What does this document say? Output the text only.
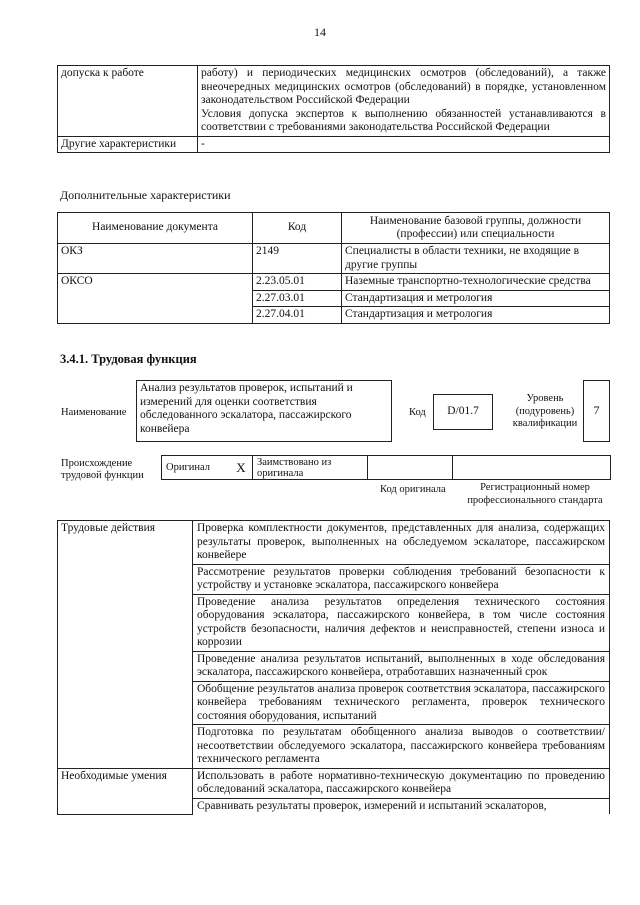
14
допуска к работе	работу) и периодических медицинских осмотров (обследований), а также внеочередных медицинских осмотров (обследований) в порядке, установленном законодательством Российской Федерации
Условия допуска экспертов к выполнению обязанностей устанавливаются в соответствии с требованиями законодательства Российской Федерации

Другие характеристики	-
Дополнительные характеристики
Наименование документа	Код	Наименование базовой группы, должности (профессии) или специальности
ОКЗ	2149	Специалисты в области техники, не входящие в другие группы
ОКСО	2.23.05.01	Наземные транспортно-технологические средства
	2.27.03.01	Стандартизация и метрология
	2.27.04.01	Стандартизация и метрология
3.4.1. Трудовая функция
Наименование
Анализ результатов проверок, испытаний и измерений для оценки соответствия обследованного эскалатора, пассажирского конвейера
Код D/01.7
Уровень (подуровень) квалификации
7
Происхождение трудовой функции
Оригинал	X	Заимствовано из оригинала		
Код оригинала	Регистрационный номер профессионального стандарта
Трудовые действия	Проверка комплектности документов, представленных для анализа, содержащих результаты проверок, выполненных на обследуемом эскалаторе, пассажирском конвейере
	Рассмотрение результатов проверки соблюдения требований безопасности к устройству и установке эскалатора, пассажирского конвейера
	Проведение анализа результатов определения технического состояния оборудования эскалатора, пассажирского конвейера, в том числе состояния устройств безопасности, наличия дефектов и неисправностей, степени износа и коррозии
	Проведение анализа результатов испытаний, выполненных в ходе обследования эскалатора, пассажирского конвейера, отработавших назначенный срок
	Обобщение результатов анализа проверок соответствия эскалатора, пассажирского конвейера требованиям технического регламента, проверок технического состояния оборудования, испытаний
	Подготовка по результатам обобщенного анализа выводов о соответствии/несоответствии обследуемого эскалатора, пассажирского конвейера требованиям технического регламента
Необходимые умения	Использовать в работе нормативно-техническую документацию по проведению обследований эскалатора, пассажирского конвейера
	Сравнивать результаты проверок, измерений и испытаний эскалаторов,
